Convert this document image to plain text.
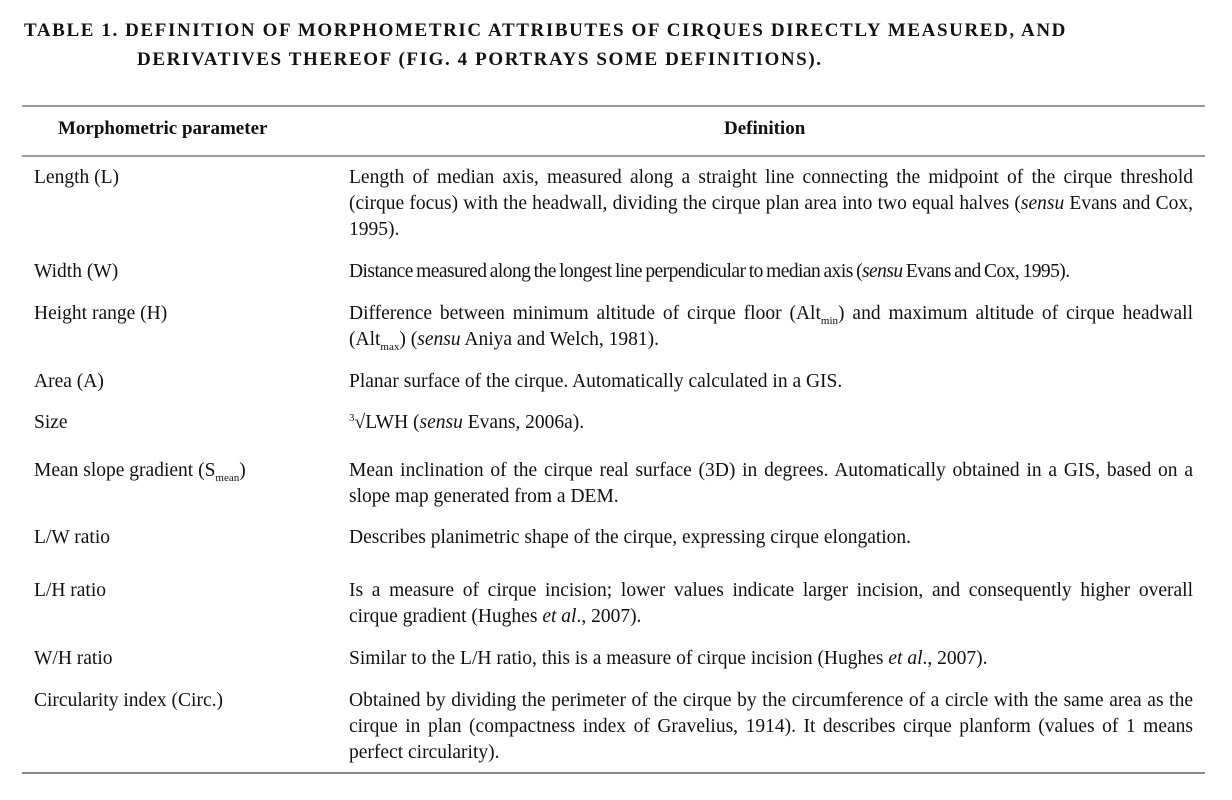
TABLE 1. DEFINITION OF MORPHOMETRIC ATTRIBUTES OF CIRQUES DIRECTLY MEASURED, AND
DERIVATIVES THEREOF (FIG. 4 PORTRAYS SOME DEFINITIONS).
Morphometric parameter	Definition
Length (L)	Length of median axis, measured along a straight line connecting the midpoint of the cirque threshold (cirque focus) with the headwall, dividing the cirque plan area into two equal halves (sensu Evans and Cox, 1995).
Width (W)	Distance measured along the longest line perpendicular to median axis (sensu Evans and Cox, 1995).
Height range (H)	Difference between minimum altitude of cirque floor (Alt$_{min}$) and maximum altitude of cirque headwall (Alt$_{max}$) (sensu Aniya and Welch, 1981).
Area (A)	Planar surface of the cirque. Automatically calculated in a GIS.
Size	$^3$√LWH (sensu Evans, 2006a).
Mean slope gradient $(S_{mean})$	Mean inclination of the cirque real surface (3D) in degrees. Automatically obtained in a GIS, based on a slope map generated from a DEM.
L/W ratio	Describes planimetric shape of the cirque, expressing cirque elongation.
L/H ratio	Is a measure of cirque incision; lower values indicate larger incision, and consequently higher overall cirque gradient (Hughes et al., 2007).
W/H ratio	Similar to the L/H ratio, this is a measure of cirque incision (Hughes et al., 2007).
Circularity index (Circ.)	Obtained by dividing the perimeter of the cirque by the circumference of a circle with the same area as the cirque in plan (compactness index of Gravelius, 1914). It describes cirque planform (values of 1 means perfect circularity).
